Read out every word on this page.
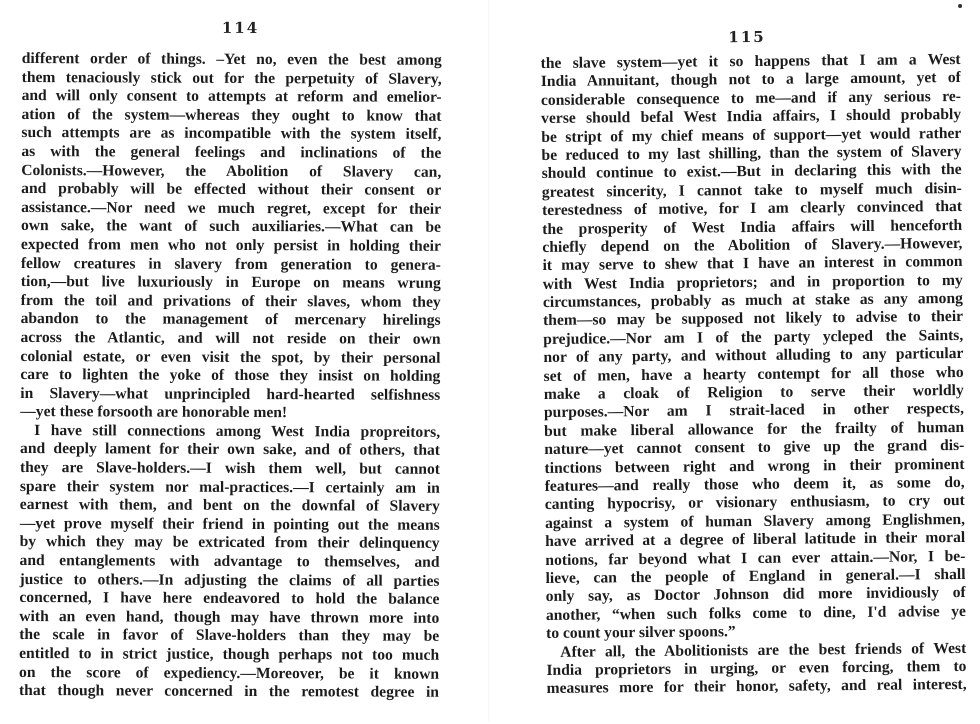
114
different order of things. –Yet no, even the best among
them tenaciously stick out for the perpetuity of Slavery,
and will only consent to attempts at reform and emelior-
ation of the system—whereas they ought to know that
such attempts are as incompatible with the system itself,
as with the general feelings and inclinations of the
Colonists.—However, the Abolition of Slavery can,
and probably will be effected without their consent or
assistance.—Nor need we much regret, except for their
own sake, the want of such auxiliaries.—What can be
expected from men who not only persist in holding their
fellow creatures in slavery from generation to genera-
tion,—but live luxuriously in Europe on means wrung
from the toil and privations of their slaves, whom they
abandon to the management of mercenary hirelings
across the Atlantic, and will not reside on their own
colonial estate, or even visit the spot, by their personal
care to lighten the yoke of those they insist on holding
in Slavery—what unprincipled hard-hearted selfishness
—yet these forsooth are honorable men!
I have still connections among West India propreitors,
and deeply lament for their own sake, and of others, that
they are Slave-holders.—I wish them well, but cannot
spare their system nor mal-practices.—I certainly am in
earnest with them, and bent on the downfal of Slavery
—yet prove myself their friend in pointing out the means
by which they may be extricated from their delinquency
and entanglements with advantage to themselves, and
justice to others.—In adjusting the claims of all parties
concerned, I have here endeavored to hold the balance
with an even hand, though may have thrown more into
the scale in favor of Slave-holders than they may be
entitled to in strict justice, though perhaps not too much
on the score of expediency.—Moreover, be it known
that though never concerned in the remotest degree in
115
the slave system—yet it so happens that I am a West
India Annuitant, though not to a large amount, yet of
considerable consequence to me—and if any serious re-
verse should befal West India affairs, I should probably
be stript of my chief means of support—yet would rather
be reduced to my last shilling, than the system of Slavery
should continue to exist.—But in declaring this with the
greatest sincerity, I cannot take to myself much disin-
terestedness of motive, for I am clearly convinced that
the prosperity of West India affairs will henceforth
chiefly depend on the Abolition of Slavery.—However,
it may serve to shew that I have an interest in common
with West India proprietors; and in proportion to my
circumstances, probably as much at stake as any among
them—so may be supposed not likely to advise to their
prejudice.—Nor am I of the party ycleped the Saints,
nor of any party, and without alluding to any particular
set of men, have a hearty contempt for all those who
make a cloak of Religion to serve their worldly
purposes.—Nor am I strait-laced in other respects,
but make liberal allowance for the frailty of human
nature—yet cannot consent to give up the grand dis-
tinctions between right and wrong in their prominent
features—and really those who deem it, as some do,
canting hypocrisy, or visionary enthusiasm, to cry out
against a system of human Slavery among Englishmen,
have arrived at a degree of liberal latitude in their moral
notions, far beyond what I can ever attain.—Nor, I be-
lieve, can the people of England in general.—I shall
only say, as Doctor Johnson did more invidiously of
another, “when such folks come to dine, I'd advise ye
to count your silver spoons.”
After all, the Abolitionists are the best friends of West
India proprietors in urging, or even forcing, them to
measures more for their honor, safety, and real interest,
